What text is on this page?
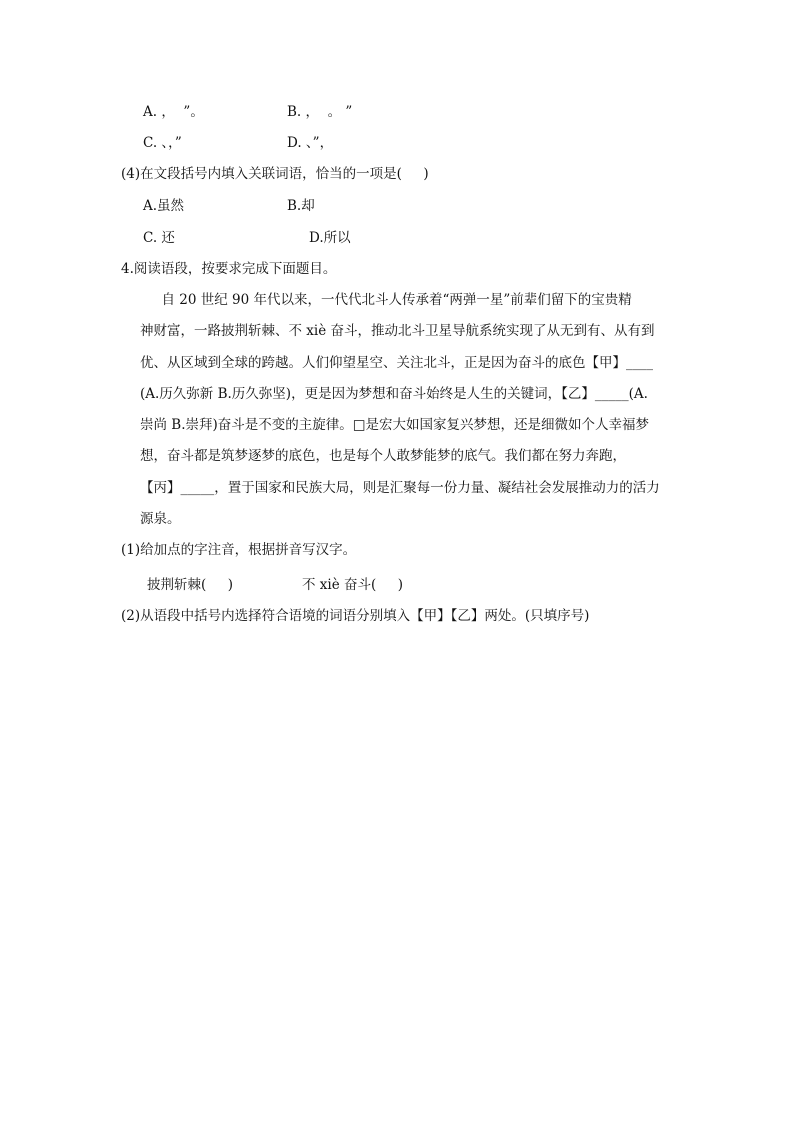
A. ，  ”。	B. ，  。 ”
C. 、，”	D. 、”，
(4)在文段括号内填入关联词语，恰当的一项是(     )
A.虽然	B.却
C. 还	D.所以
4.阅读语段，按要求完成下面题目。
自 20 世纪 90 年代以来，一代代北斗人传承着“两弹一星”前辈们留下的宝贵精
神财富，一路披荆斩棘、不 xiè 奋斗，推动北斗卫星导航系统实现了从无到有、从有到
优、从区域到全球的跨越。人们仰望星空、关注北斗，正是因为奋斗的底色【甲】____
(A.历久弥新 B.历久弥坚)，更是因为梦想和奋斗始终是人生的关键词，【乙】_____(A.
崇尚 B.崇拜)奋斗是不变的主旋律。□是宏大如国家复兴梦想，还是细微如个人幸福梦
想，奋斗都是筑梦逐梦的底色，也是每个人敢梦能梦的底气。我们都在努力奔跑，
【丙】_____，置于国家和民族大局，则是汇聚每一份力量、凝结社会发展推动力的活力
源泉。
(1)给加点的字注音，根据拼音写汉字。
披荆斩棘(     )	不 xiè 奋斗(     )
(2)从语段中括号内选择符合语境的词语分别填入【甲】【乙】两处。(只填序号)
